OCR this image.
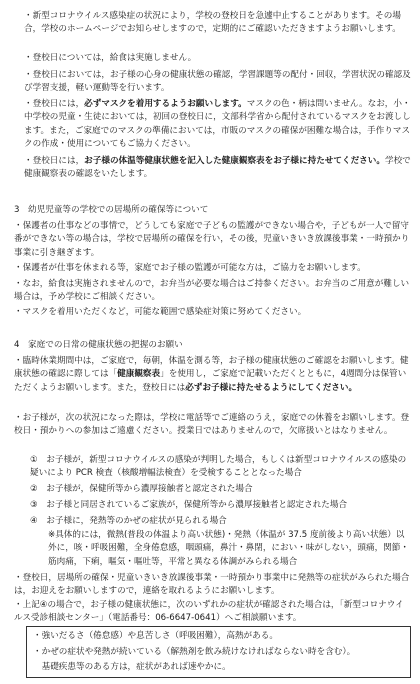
・新型コロナウイルス感染症の状況により，学校の登校日を急遽中止することがあります。その場合，学校のホームページでお知らせしますので，定期的にご確認いただきますようお願いします。
・登校日については，給食は実施しません。
・登校日においては，お子様の心身の健康状態の確認，学習課題等の配付・回収，学習状況の確認及び学習支援，軽い運動等を行います。
・登校日には，必ずマスクを着用するようお願いします。マスクの色・柄は問いません。なお，小・中学校の児童・生徒においては，初回の登校日に，文部科学省から配付されているマスクをお渡しします。また，ご家庭でのマスクの準備においては，市販のマスクの確保が困難な場合は，手作りマスクの作成・使用についてもご協力ください。
・登校日には，お子様の体温等健康状態を記入した健康観察表をお子様に持たせてください。学校で健康観察表の確認をいたします。
3　幼児児童等の学校での居場所の確保等について
・保護者の仕事などの事情で，どうしても家庭で子どもの監護ができない場合や，子どもが一人で留守番ができない等の場合は，学校で居場所の確保を行い，その後，児童いきいき放課後事業・一時預かり事業に引き継ぎます。
・保護者が仕事を休まれる等，家庭でお子様の監護が可能な方は，ご協力をお願いします。
・なお，給食は実施されませんので，お弁当が必要な場合はご持参ください。お弁当のご用意が難しい場合は，予め学校にご相談ください。
・マスクを着用いただくなど，可能な範囲で感染症対策に努めてください。
4　家庭での日常の健康状態の把握のお願い
・臨時休業期間中は，ご家庭で，毎朝，体温を測る等，お子様の健康状態のご確認をお願いします。健康状態の確認に際しては「健康観察表」を使用し，ご家庭で記載いただくとともに，4週間分は保管いただくようお願いします。また，登校日には必ずお子様に持たせるようにしてください。
・お子様が，次の状況になった際は，学校に電話等でご連絡のうえ，家庭での休養をお願いします。登校日・預かりへの参加はご遠慮ください。授業日ではありませんので，欠席扱いとはなりません。
①　お子様が，新型コロナウイルスの感染が判明した場合，もしくは新型コロナウイルスの感染の疑いにより PCR 検査（核酸増幅法検査）を受検することとなった場合
②　お子様が，保健所等から濃厚接触者と認定された場合
③　お子様と同居されているご家族が，保健所等から濃厚接触者と認定された場合
④　お子様に，発熱等のかぜの症状が見られる場合
※具体的には，微熱(普段の体温より高い状態)・発熱（体温が 37.5 度前後より高い状態）以外に，咳・呼吸困難，全身倦怠感，咽頭痛，鼻汁・鼻閉，におい・味がしない，頭痛，関節・筋肉痛，下痢，嘔気・嘔吐等，平常と異なる体調がみられる場合
・登校日，居場所の確保・児童いきいき放課後事業・一時預かり事業中に発熱等の症状がみられた場合は，お迎えをお願いしますので，連絡を取れるようにお願いします。
・上記④の場合で，お子様の健康状態に，次のいずれかの症状が確認された場合は，「新型コロナウイルス受診相談センター」（電話番号：06-6647-0641）へご相談願います。
・強いだるさ（倦怠感）や息苦しさ（呼吸困難），高熱がある。
・かぜの症状や発熱が続いている（解熱剤を飲み続けなければならない時を含む）。
　基礎疾患等のある方は，症状があれば速やかに。
